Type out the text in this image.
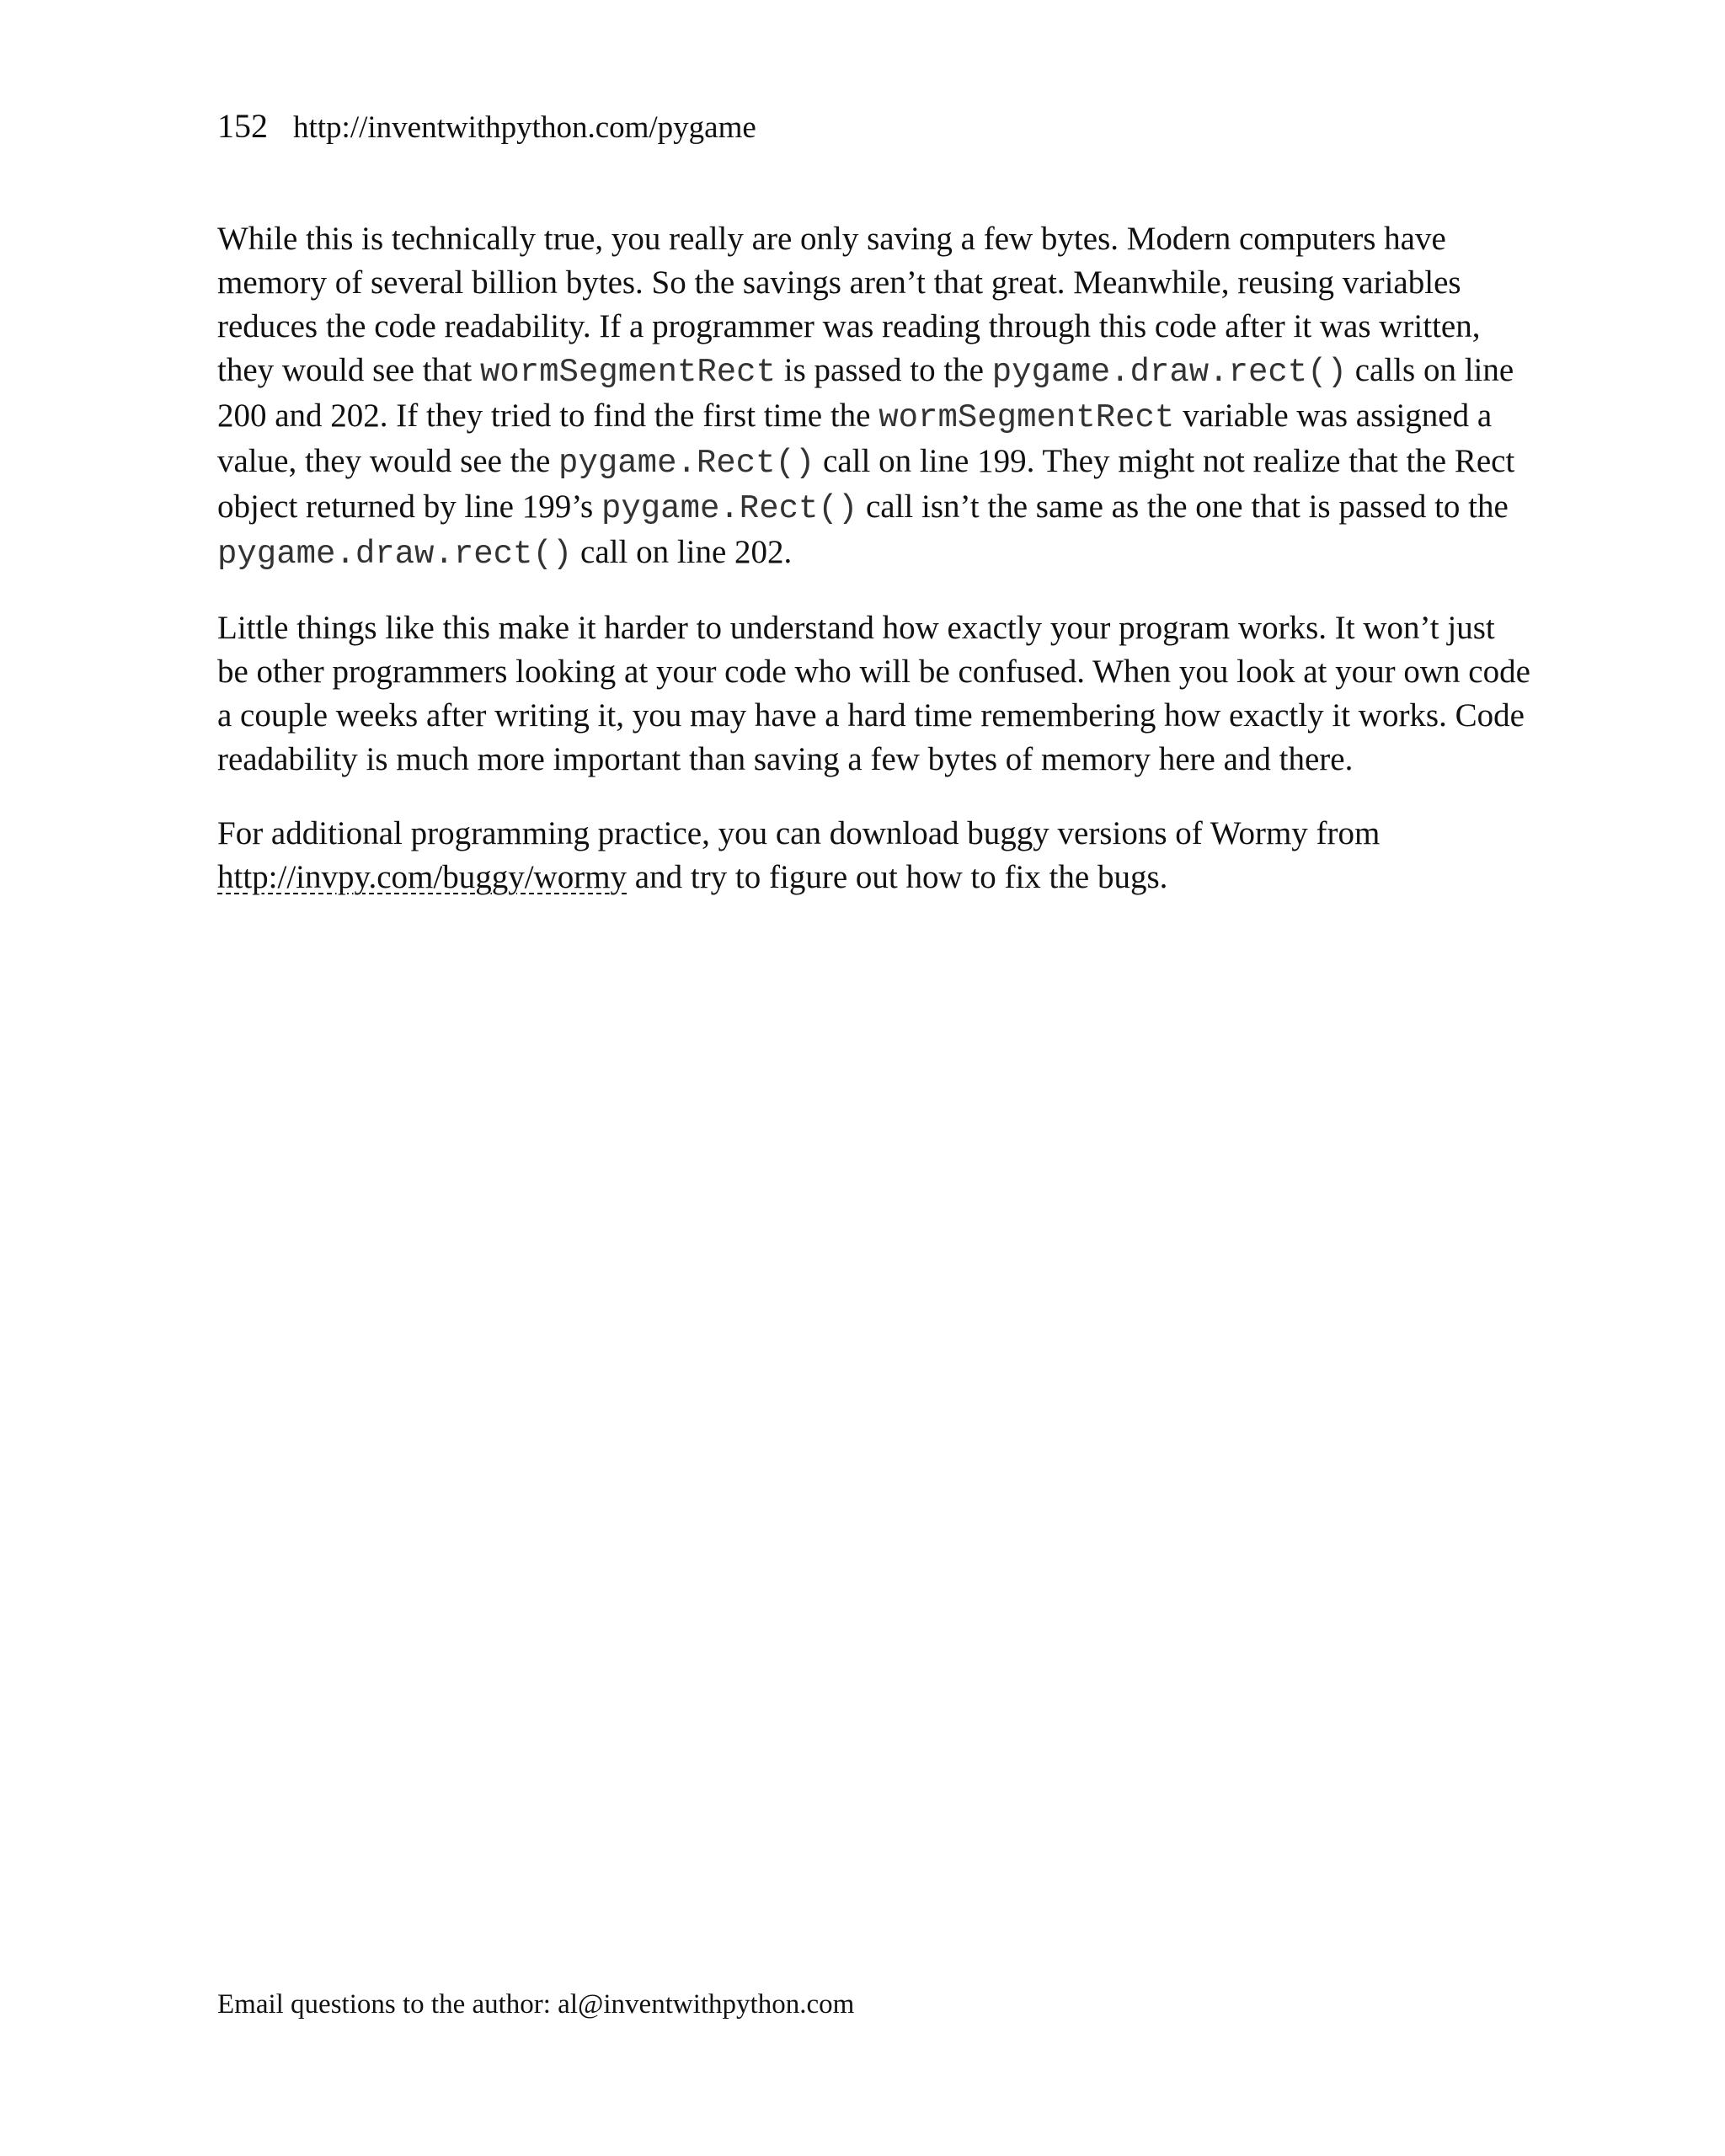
152 http://inventwithpython.com/pygame

While this is technically true, you really are only saving a few bytes. Modern computers have memory of several billion bytes. So the savings aren’t that great. Meanwhile, reusing variables reduces the code readability. If a programmer was reading through this code after it was written, they would see that wormSegmentRect is passed to the pygame.draw.rect() calls on line 200 and 202. If they tried to find the first time the wormSegmentRect variable was assigned a value, they would see the pygame.Rect() call on line 199. They might not realize that the Rect object returned by line 199’s pygame.Rect() call isn’t the same as the one that is passed to the pygame.draw.rect() call on line 202.

Little things like this make it harder to understand how exactly your program works. It won’t just be other programmers looking at your code who will be confused. When you look at your own code a couple weeks after writing it, you may have a hard time remembering how exactly it works. Code readability is much more important than saving a few bytes of memory here and there.

For additional programming practice, you can download buggy versions of Wormy from http://invpy.com/buggy/wormy and try to figure out how to fix the bugs.

Email questions to the author: al@inventwithpython.com
